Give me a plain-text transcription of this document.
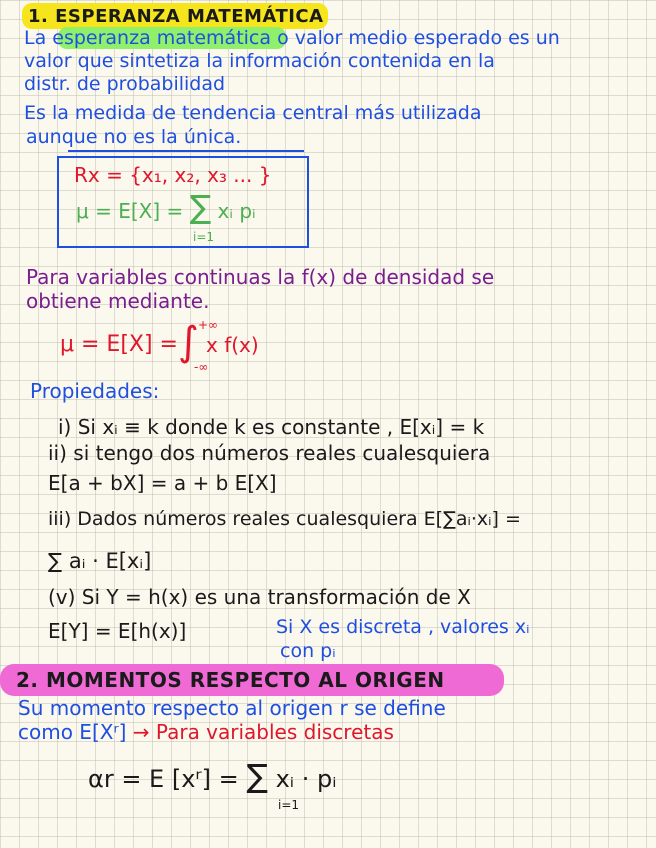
1. ESPERANZA MATEMÁTICA
La esperanza matemática o valor medio esperado es un
valor que sintetiza la información contenida en la
distr. de probabilidad
Es la medida de tendencia central más utilizada
aunque no es la única.
Rx = {x₁, x₂, x₃ ... }
μ = E[X] = ∑ xᵢ pᵢ
i=1
Para variables continuas la f(x) de densidad se
obtiene mediante.
μ = E[X] = ∫ +∞
-∞
x f(x)
Propiedades:
i) Si xᵢ ≡ k donde k es constante , E[xᵢ] = k
ii) si tengo dos números reales cualesquiera
E[a + bX] = a + b E[X]
iii) Dados números reales cualesquiera E[∑aᵢ·xᵢ] =
∑ aᵢ · E[xᵢ]
(v) Si Y = h(x) es una transformación de X
E[Y] = E[h(x)]	Si X es discreta , valores xᵢ
con pᵢ
2. MOMENTOS RESPECTO AL ORIGEN
Su momento respecto al origen r se define
como E[Xʳ] → Para variables discretas
αr = E [xʳ] = ∑ xᵢ · pᵢ
i=1
